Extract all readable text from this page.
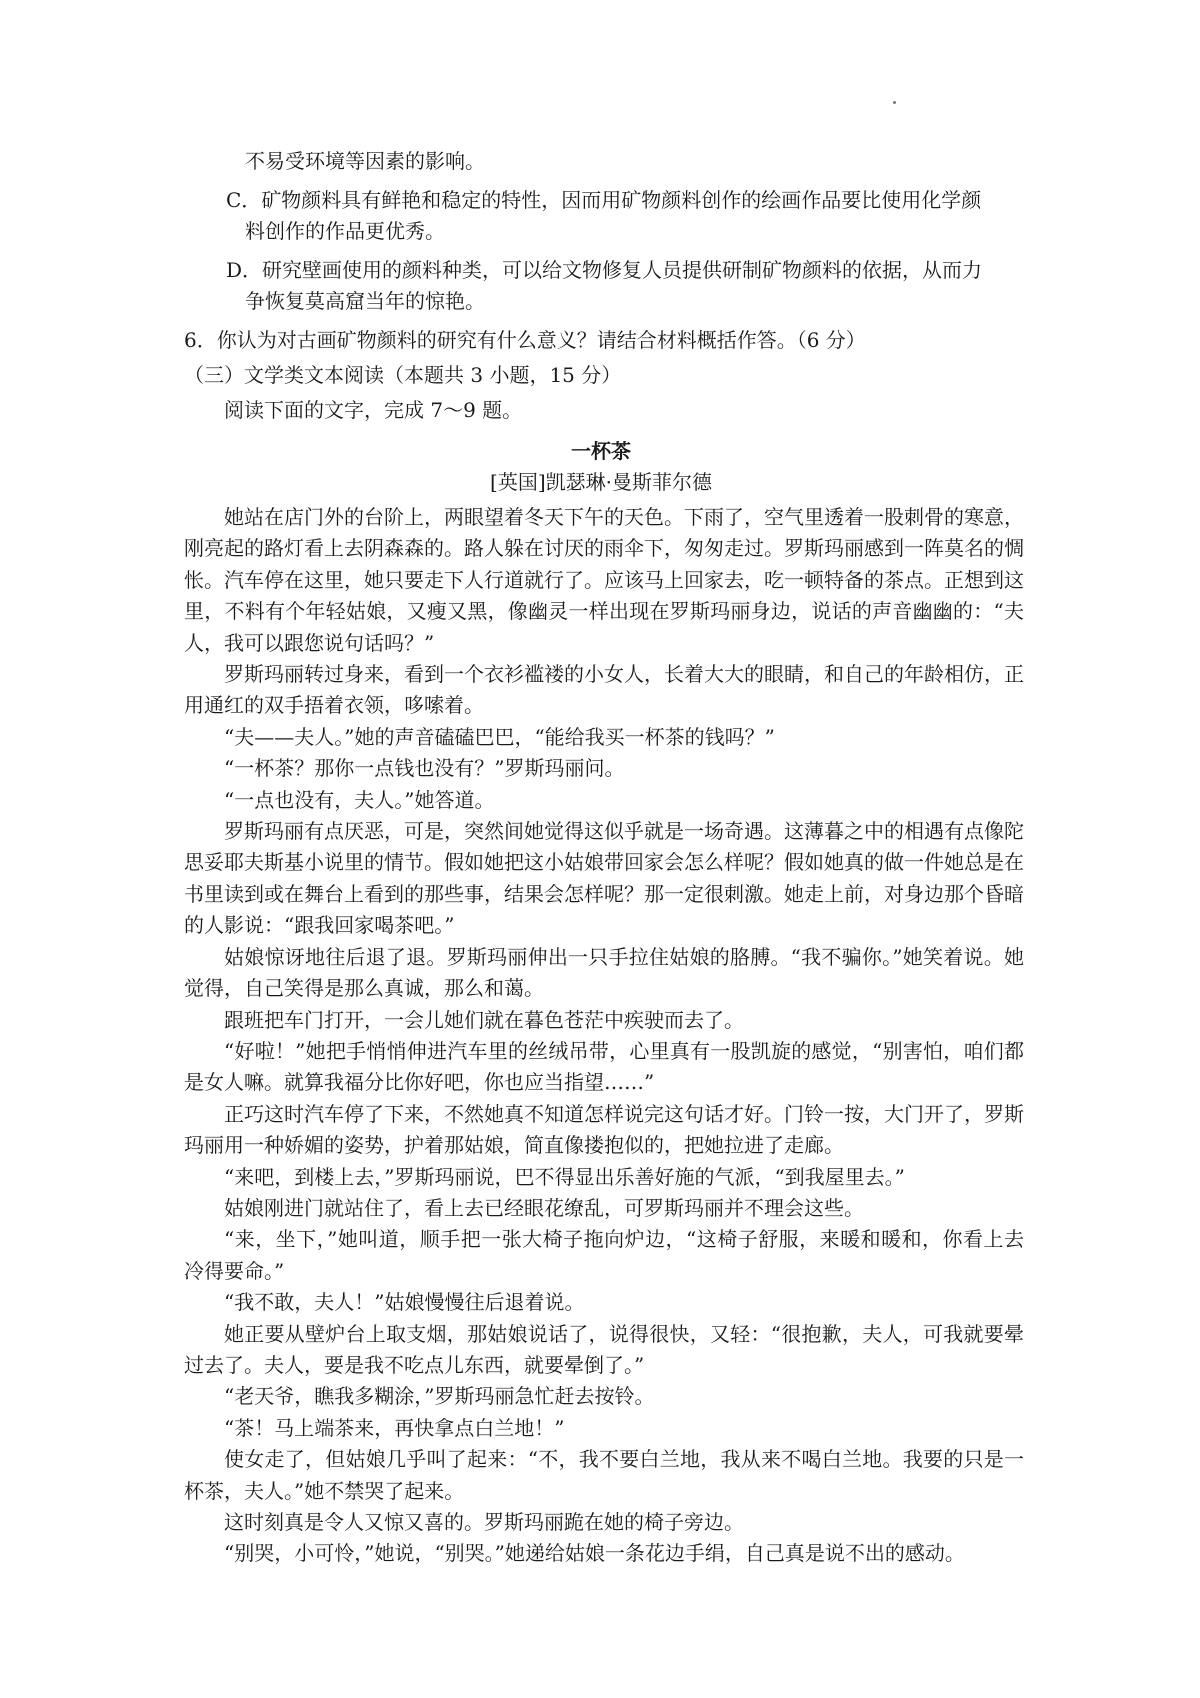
不易受环境等因素的影响。

C．矿物颜料具有鲜艳和稳定的特性，因而用矿物颜料创作的绘画作品要比使用化学颜
料创作的作品更优秀。
D．研究壁画使用的颜料种类，可以给文物修复人员提供研制矿物颜料的依据，从而力
争恢复莫高窟当年的惊艳。

6．你认为对古画矿物颜料的研究有什么意义？请结合材料概括作答。（6 分）

（三）文学类文本阅读（本题共 3 小题，15 分）

阅读下面的文字，完成 7～9 题。

一杯茶

[英国]凯瑟琳·曼斯菲尔德

她站在店门外的台阶上，两眼望着冬天下午的天色。下雨了，空气里透着一股刺骨的寒意，刚亮起的路灯看上去阴森森的。路人躲在讨厌的雨伞下，匆匆走过。罗斯玛丽感到一阵莫名的惆怅。汽车停在这里，她只要走下人行道就行了。应该马上回家去，吃一顿特备的茶点。正想到这里，不料有个年轻姑娘，又瘦又黑，像幽灵一样出现在罗斯玛丽身边，说话的声音幽幽的：“夫人，我可以跟您说句话吗？”

罗斯玛丽转过身来，看到一个衣衫褴褛的小女人，长着大大的眼睛，和自己的年龄相仿，正用通红的双手捂着衣领，哆嗦着。

“夫——夫人。”她的声音磕磕巴巴，“能给我买一杯茶的钱吗？”

“一杯茶？那你一点钱也没有？”罗斯玛丽问。

“一点也没有，夫人。”她答道。

罗斯玛丽有点厌恶，可是，突然间她觉得这似乎就是一场奇遇。这薄暮之中的相遇有点像陀思妥耶夫斯基小说里的情节。假如她把这小姑娘带回家会怎么样呢？假如她真的做一件她总是在书里读到或在舞台上看到的那些事，结果会怎样呢？那一定很刺激。她走上前，对身边那个昏暗的人影说：“跟我回家喝茶吧。”

姑娘惊讶地往后退了退。罗斯玛丽伸出一只手拉住姑娘的胳膊。“我不骗你。”她笑着说。她觉得，自己笑得是那么真诚，那么和蔼。

跟班把车门打开，一会儿她们就在暮色苍茫中疾驶而去了。

“好啦！”她把手悄悄伸进汽车里的丝绒吊带，心里真有一股凯旋的感觉，“别害怕，咱们都是女人嘛。就算我福分比你好吧，你也应当指望……”

正巧这时汽车停了下来，不然她真不知道怎样说完这句话才好。门铃一按，大门开了，罗斯玛丽用一种娇媚的姿势，护着那姑娘，简直像搂抱似的，把她拉进了走廊。

“来吧，到楼上去，”罗斯玛丽说，巴不得显出乐善好施的气派，“到我屋里去。”

姑娘刚进门就站住了，看上去已经眼花缭乱，可罗斯玛丽并不理会这些。

“来，坐下，”她叫道，顺手把一张大椅子拖向炉边，“这椅子舒服，来暖和暖和，你看上去冷得要命。”

“我不敢，夫人！”姑娘慢慢往后退着说。

她正要从壁炉台上取支烟，那姑娘说话了，说得很快，又轻：“很抱歉，夫人，可我就要晕过去了。夫人，要是我不吃点儿东西，就要晕倒了。”

“老天爷，瞧我多糊涂，”罗斯玛丽急忙赶去按铃。

“茶！马上端茶来，再快拿点白兰地！”

使女走了，但姑娘几乎叫了起来：“不，我不要白兰地，我从来不喝白兰地。我要的只是一杯茶，夫人。”她不禁哭了起来。

这时刻真是令人又惊又喜的。罗斯玛丽跪在她的椅子旁边。

“别哭，小可怜，”她说，“别哭。”她递给姑娘一条花边手绢，自己真是说不出的感动。
